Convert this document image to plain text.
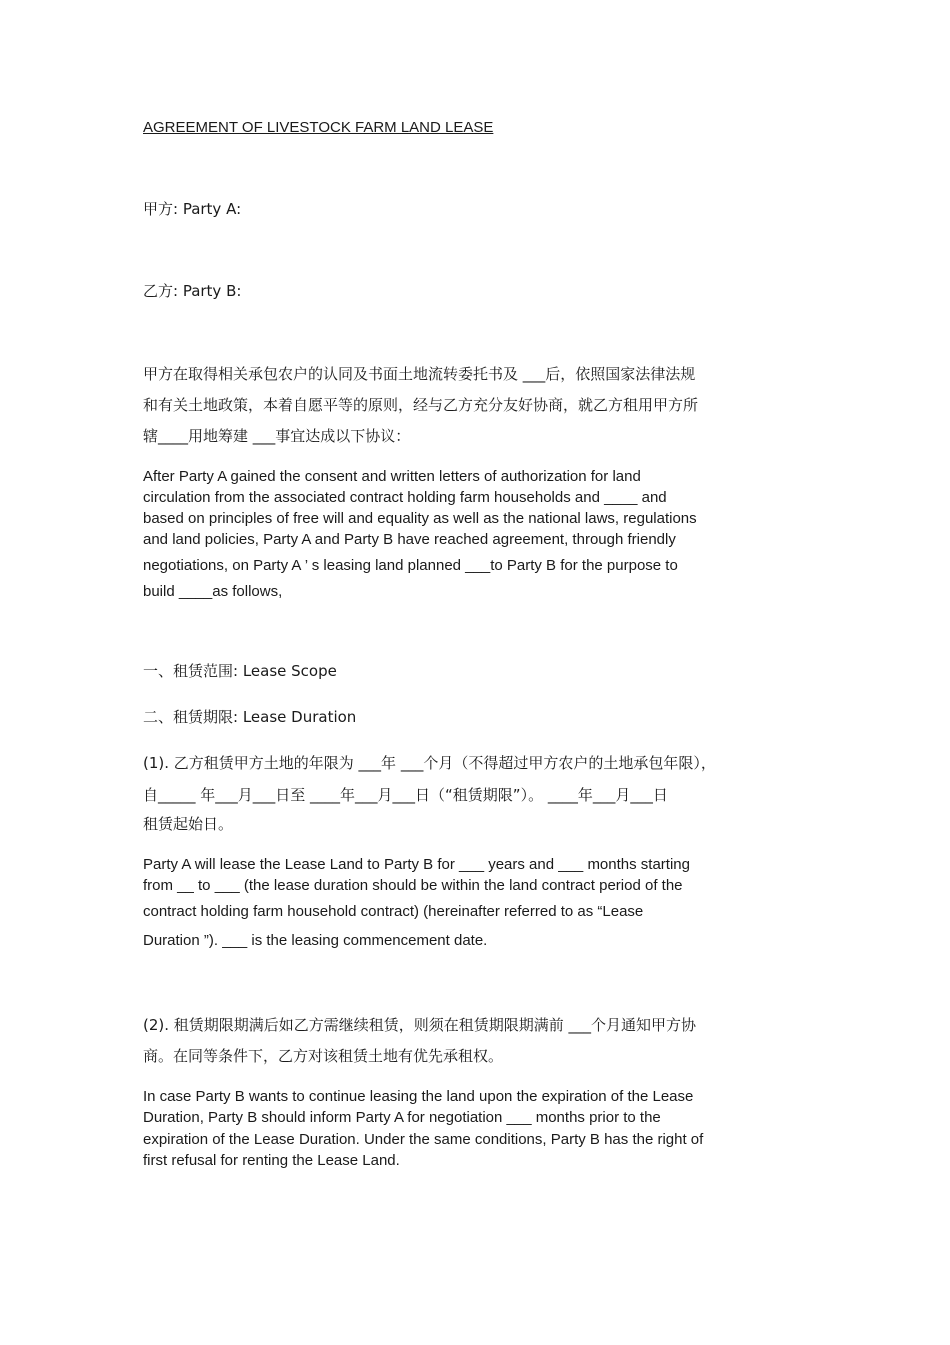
AGREEMENT OF LIVESTOCK FARM LAND LEASE
甲方: Party A:
乙方: Party B:
甲方在取得相关承包农户的认同及书面土地流转委托书及 ___后，依照国家法律法规
和有关土地政策，本着自愿平等的原则，经与乙方充分友好协商，就乙方租用甲方所
辖____用地筹建 ___事宜达成以下协议：
After Party A gained the consent and written letters of authorization for land
circulation from the associated contract holding farm households and ____ and
based on principles of free will and equality as well as the national laws, regulations
and land policies, Party A and Party B have reached agreement, through friendly
negotiations, on Party A ’ s leasing land planned ___to Party B for the purpose to
build ____as follows,
一、租赁范围: Lease Scope
二、租赁期限: Lease Duration
(1). 乙方租赁甲方土地的年限为 ___年 ___个月（不得超过甲方农户的土地承包年限），
自_____ 年___月___日至 ____年___月___日（“租赁期限”）。 ____年___月___日
租赁起始日。
Party A will lease the Lease Land to Party B for ___ years and ___ months starting
from __ to ___ (the lease duration should be within the land contract period of the
contract holding farm household contract) (hereinafter referred to as “Lease
Duration ”). ___ is the leasing commencement date.
(2). 租赁期限期满后如乙方需继续租赁，则须在租赁期限期满前 ___个月通知甲方协
商。在同等条件下，乙方对该租赁土地有优先承租权。
In case Party B wants to continue leasing the land upon the expiration of the Lease
Duration, Party B should inform Party A for negotiation ___ months prior to the
expiration of the Lease Duration. Under the same conditions, Party B has the right of
first refusal for renting the Lease Land.
